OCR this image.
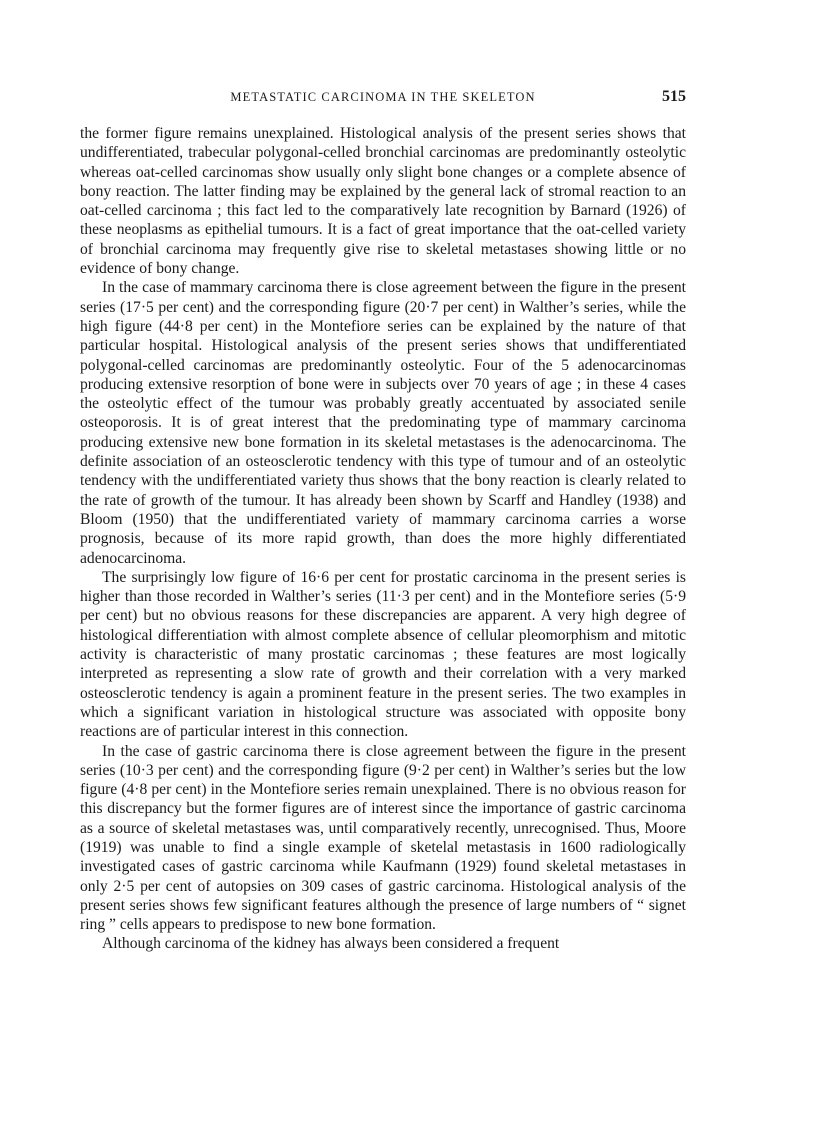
METASTATIC CARCINOMA IN THE SKELETON	515

the former figure remains unexplained. Histological analysis of the present series shows that undifferentiated, trabecular polygonal-celled bronchial carcinomas are predominantly osteolytic whereas oat-celled carcinomas show usually only slight bone changes or a complete absence of bony reaction. The latter finding may be explained by the general lack of stromal reaction to an oat-celled carcinoma ; this fact led to the comparatively late recognition by Barnard (1926) of these neoplasms as epithelial tumours. It is a fact of great importance that the oat-celled variety of bronchial carcinoma may frequently give rise to skeletal metastases showing little or no evidence of bony change.

In the case of mammary carcinoma there is close agreement between the figure in the present series (17·5 per cent) and the corresponding figure (20·7 per cent) in Walther’s series, while the high figure (44·8 per cent) in the Montefiore series can be explained by the nature of that particular hospital. Histological analysis of the present series shows that undifferentiated polygonal-celled carcinomas are predominantly osteolytic. Four of the 5 adenocarcinomas producing extensive resorption of bone were in subjects over 70 years of age ; in these 4 cases the osteolytic effect of the tumour was probably greatly accentuated by associated senile osteoporosis. It is of great interest that the predominating type of mammary carcinoma producing extensive new bone formation in its skeletal metastases is the adenocarcinoma. The definite association of an osteosclerotic tendency with this type of tumour and of an osteolytic tendency with the undifferentiated variety thus shows that the bony reaction is clearly related to the rate of growth of the tumour. It has already been shown by Scarff and Handley (1938) and Bloom (1950) that the undifferentiated variety of mammary carcinoma carries a worse prognosis, because of its more rapid growth, than does the more highly differentiated adenocarcinoma.

The surprisingly low figure of 16·6 per cent for prostatic carcinoma in the present series is higher than those recorded in Walther’s series (11·3 per cent) and in the Montefiore series (5·9 per cent) but no obvious reasons for these discrepancies are apparent. A very high degree of histological differentiation with almost complete absence of cellular pleomorphism and mitotic activity is characteristic of many prostatic carcinomas ; these features are most logically interpreted as representing a slow rate of growth and their correlation with a very marked osteosclerotic tendency is again a prominent feature in the present series. The two examples in which a significant variation in histological structure was associated with opposite bony reactions are of particular interest in this connection.

In the case of gastric carcinoma there is close agreement between the figure in the present series (10·3 per cent) and the corresponding figure (9·2 per cent) in Walther’s series but the low figure (4·8 per cent) in the Montefiore series remain unexplained. There is no obvious reason for this discrepancy but the former figures are of interest since the importance of gastric carcinoma as a source of skeletal metastases was, until comparatively recently, unrecognised. Thus, Moore (1919) was unable to find a single example of sketelal metastasis in 1600 radiologically investigated cases of gastric carcinoma while Kaufmann (1929) found skeletal metastases in only 2·5 per cent of autopsies on 309 cases of gastric carcinoma. Histological analysis of the present series shows few significant features although the presence of large numbers of “ signet ring ” cells appears to predispose to new bone formation.

Although carcinoma of the kidney has always been considered a frequent
